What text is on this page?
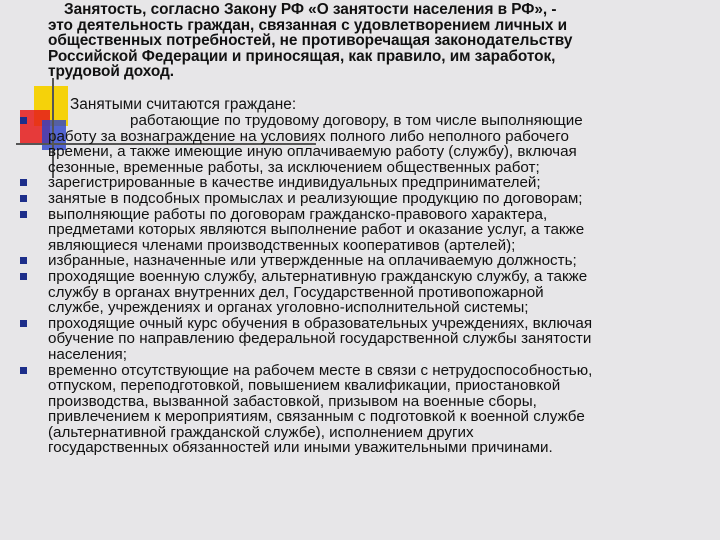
Занятость, согласно Закону РФ «О занятости населения в РФ», -
это деятельность граждан, связанная с удовлетворением личных и
общественных потребностей, не противоречащая законодательству
Российской Федерации и приносящая, как правило, им заработок,
трудовой доход.
Занятыми считаются граждане:
работающие по трудовому договору, в том числе выполняющие
работу за вознаграждение на условиях полного либо неполного рабочего
времени, а также имеющие иную оплачиваемую работу (службу), включая
сезонные, временные работы, за исключением общественных работ;
зарегистрированные в качестве индивидуальных предпринимателей;
занятые в подсобных промыслах и реализующие продукцию по договорам;
выполняющие работы по договорам гражданско-правового характера,
предметами которых являются выполнение работ и оказание услуг, а также
являющиеся членами производственных кооперативов (артелей);
избранные, назначенные или утвержденные на оплачиваемую должность;
проходящие военную службу, альтернативную гражданскую службу, а также
службу в органах внутренних дел, Государственной противопожарной
службе, учреждениях и органах уголовно-исполнительной системы;
проходящие очный курс обучения в образовательных учреждениях, включая
обучение по направлению федеральной государственной службы занятости
населения;
временно отсутствующие на рабочем месте в связи с нетрудоспособностью,
отпуском, переподготовкой, повышением квалификации, приостановкой
производства, вызванной забастовкой, призывом на военные сборы,
привлечением к мероприятиям, связанным с подготовкой к военной службе
(альтернативной гражданской службе), исполнением других
государственных обязанностей или иными уважительными причинами.
